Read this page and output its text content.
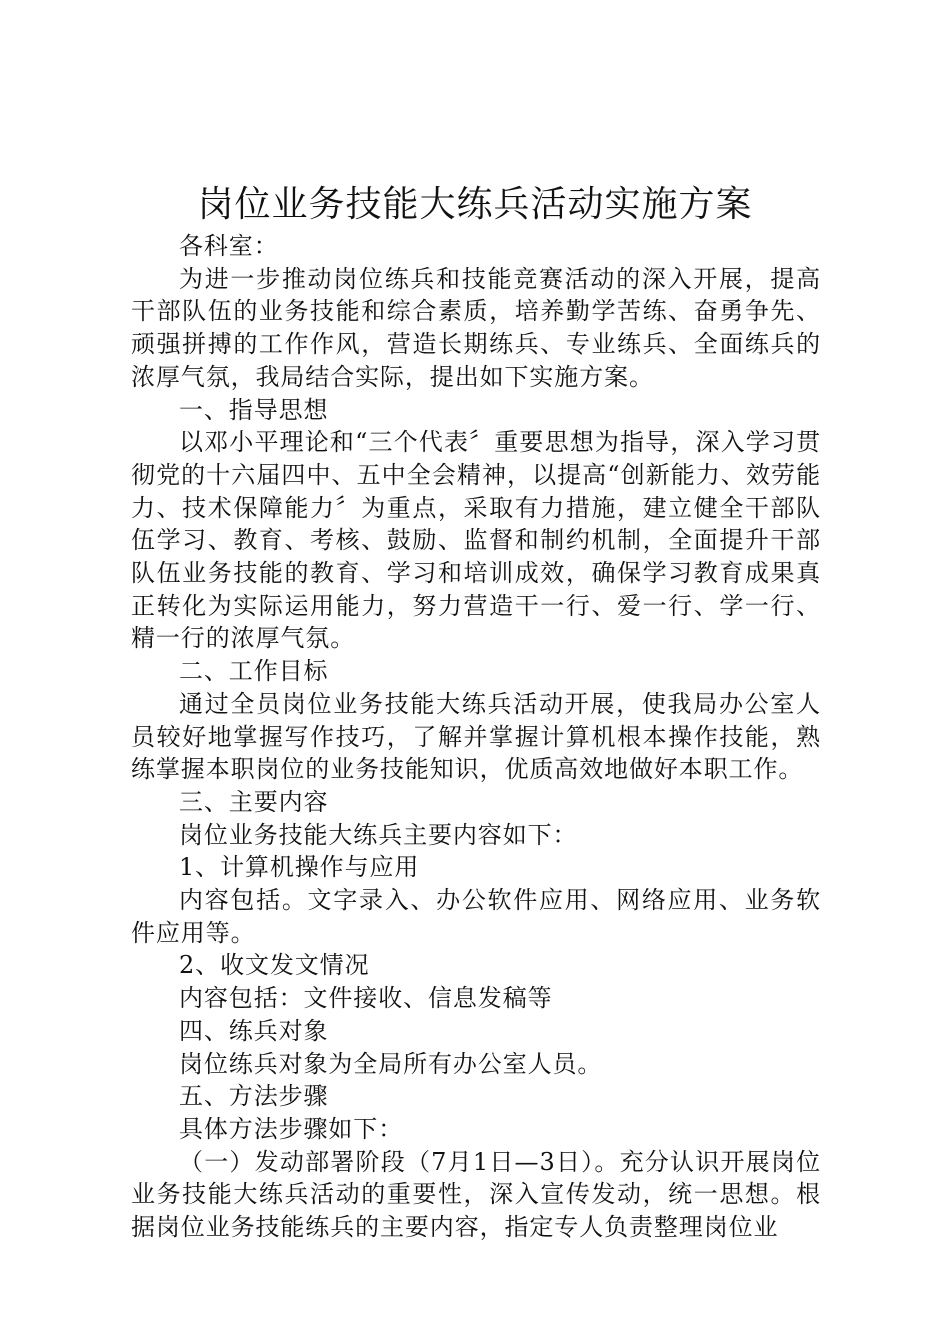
岗位业务技能大练兵活动实施方案

各科室：

为进一步推动岗位练兵和技能竞赛活动的深入开展，提高干部队伍的业务技能和综合素质，培养勤学苦练、奋勇争先、顽强拼搏的工作作风，营造长期练兵、专业练兵、全面练兵的浓厚气氛，我局结合实际，提出如下实施方案。

一、指导思想

以邓小平理论和“三个代表〞重要思想为指导，深入学习贯彻党的十六届四中、五中全会精神，以提高“创新能力、效劳能力、技术保障能力〞为重点，采取有力措施，建立健全干部队伍学习、教育、考核、鼓励、监督和制约机制，全面提升干部队伍业务技能的教育、学习和培训成效，确保学习教育成果真正转化为实际运用能力，努力营造干一行、爱一行、学一行、精一行的浓厚气氛。

二、工作目标

通过全员岗位业务技能大练兵活动开展，使我局办公室人员较好地掌握写作技巧，了解并掌握计算机根本操作技能，熟练掌握本职岗位的业务技能知识，优质高效地做好本职工作。

三、主要内容

岗位业务技能大练兵主要内容如下：

1、计算机操作与应用

内容包括。文字录入、办公软件应用、网络应用、业务软件应用等。

2、收文发文情况

内容包括：文件接收、信息发稿等

四、练兵对象

岗位练兵对象为全局所有办公室人员。

五、方法步骤

具体方法步骤如下：

（一）发动部署阶段（7月1日—3日）。充分认识开展岗位业务技能大练兵活动的重要性，深入宣传发动，统一思想。根据岗位业务技能练兵的主要内容，指定专人负责整理岗位业
